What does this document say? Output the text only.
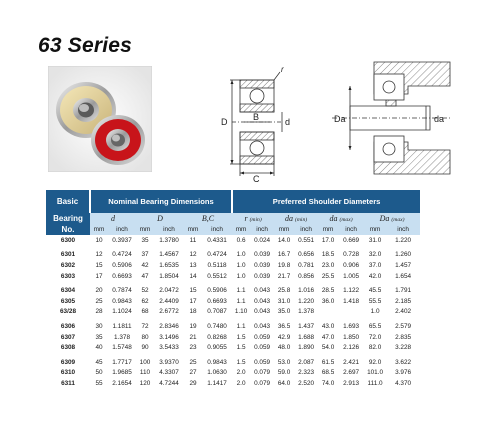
63 Series
D	d
B
C
r
Da	da
Basic	Nominal Bearing Dimensions						Preferred Shoulder Diameters							
Bearing	d		D		B,C		r (min)		da (min)		da (max)		Da (max)	
No.	mm	inch	mm	inch	mm	inch	mm	inch	mm	inch	mm	inch	mm	inch
6300	10	0.3937	35	1.3780	11	0.4331	0.6	0.024	14.0	0.551	17.0	0.669	31.0	1.220

6301	12	0.4724	37	1.4567	12	0.4724	1.0	0.039	16.7	0.656	18.5	0.728	32.0	1.260
6302	15	0.5906	42	1.6535	13	0.5118	1.0	0.039	19.8	0.781	23.0	0.906	37.0	1.457
6303	17	0.6693	47	1.8504	14	0.5512	1.0	0.039	21.7	0.856	25.5	1.005	42.0	1.654

6304	20	0.7874	52	2.0472	15	0.5906	1.1	0.043	25.8	1.016	28.5	1.122	45.5	1.791
6305	25	0.9843	62	2.4409	17	0.6693	1.1	0.043	31.0	1.220	36.0	1.418	55.5	2.185
63/28	28	1.1024	68	2.6772	18	0.7087	1.10	0.043	35.0	1.378			1.0	2.402

6306	30	1.1811	72	2.8346	19	0.7480	1.1	0.043	36.5	1.437	43.0	1.693	65.5	2.579
6307	35	1.378	80	3.1496	21	0.8268	1.5	0.059	42.9	1.688	47.0	1.850	72.0	2.835
6308	40	1.5748	90	3.5433	23	0.9055	1.5	0.059	48.0	1.890	54.0	2.126	82.0	3.228

6309	45	1.7717	100	3.9370	25	0.9843	1.5	0.059	53.0	2.087	61.5	2.421	92.0	3.622
6310	50	1.9685	110	4.3307	27	1.0630	2.0	0.079	59.0	2.323	68.5	2.697	101.0	3.976
6311	55	2.1654	120	4.7244	29	1.1417	2.0	0.079	64.0	2.520	74.0	2.913	111.0	4.370
